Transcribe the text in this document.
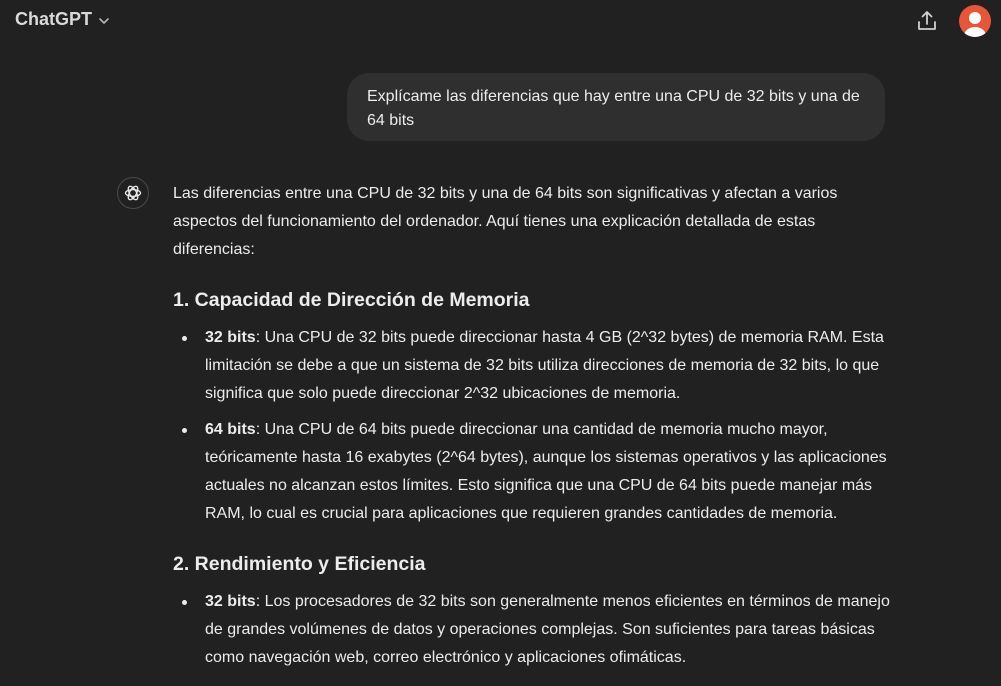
ChatGPT
Explícame las diferencias que hay entre una CPU de 32 bits y una de 64 bits

Las diferencias entre una CPU de 32 bits y una de 64 bits son significativas y afectan a varios aspectos del funcionamiento del ordenador. Aquí tienes una explicación detallada de estas diferencias:

1. Capacidad de Dirección de Memoria
32 bits: Una CPU de 32 bits puede direccionar hasta 4 GB (2^32 bytes) de memoria RAM. Esta limitación se debe a que un sistema de 32 bits utiliza direcciones de memoria de 32 bits, lo que significa que solo puede direccionar 2^32 ubicaciones de memoria.
64 bits: Una CPU de 64 bits puede direccionar una cantidad de memoria mucho mayor, teóricamente hasta 16 exabytes (2^64 bytes), aunque los sistemas operativos y las aplicaciones actuales no alcanzan estos límites. Esto significa que una CPU de 64 bits puede manejar más RAM, lo cual es crucial para aplicaciones que requieren grandes cantidades de memoria.
2. Rendimiento y Eficiencia
32 bits: Los procesadores de 32 bits son generalmente menos eficientes en términos de manejo de grandes volúmenes de datos y operaciones complejas. Son suficientes para tareas básicas como navegación web, correo electrónico y aplicaciones ofimáticas.
